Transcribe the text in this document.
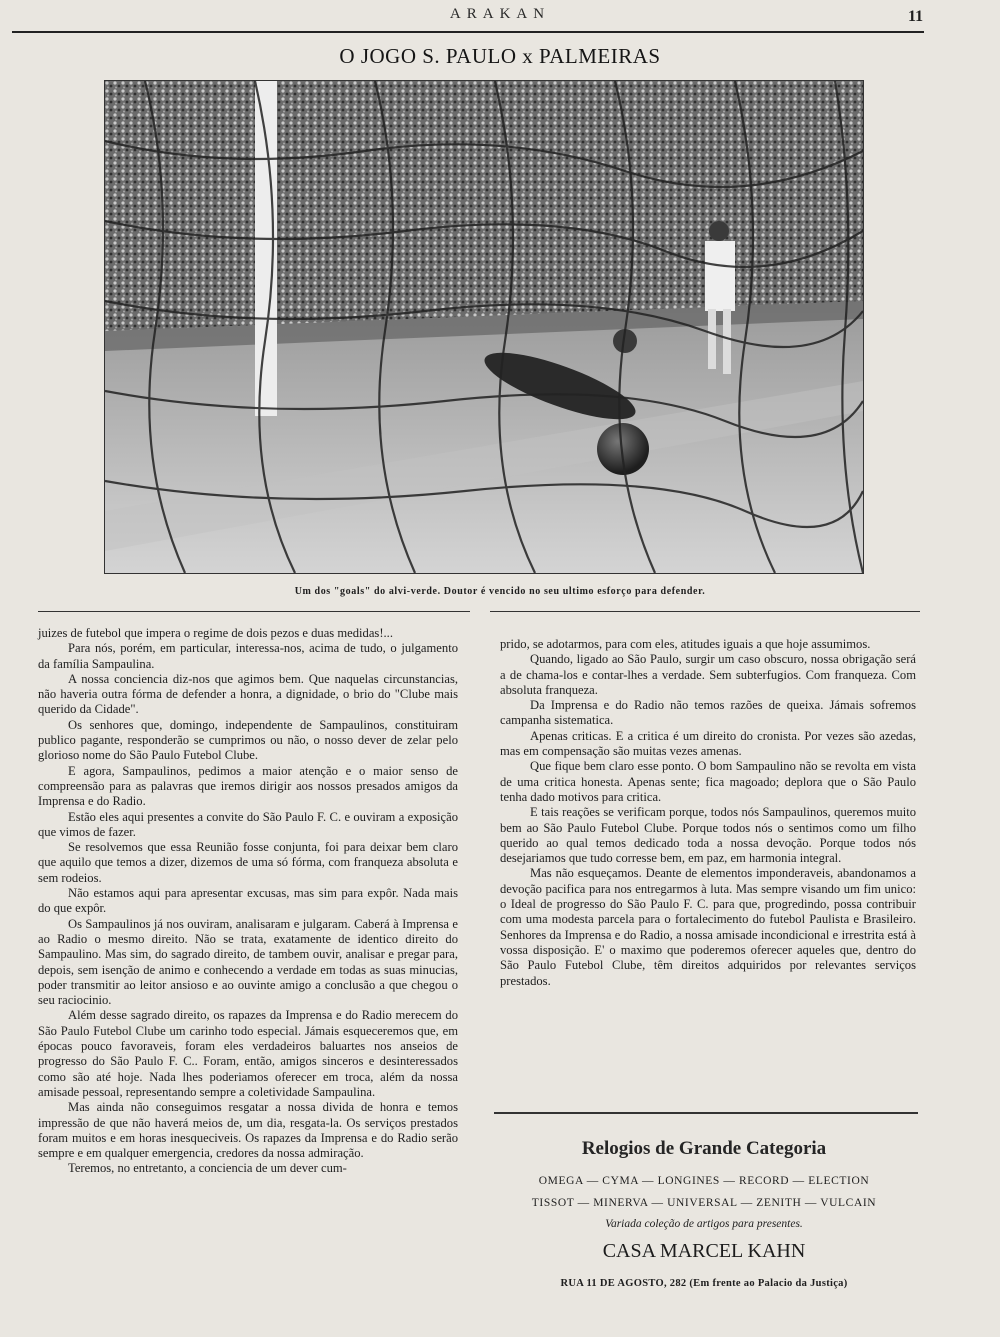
ARAKAN	11
O JOGO S. PAULO x PALMEIRAS
Um dos "goals" do alvi-verde. Doutor é vencido no seu ultimo esforço para defender.

juizes de futebol que impera o regime de dois pezos e duas medidas!...

Para nós, porém, em particular, interessa-nos, acima de tudo, o julgamento da família Sampaulina.

A nossa conciencia diz-nos que agimos bem. Que naquelas circunstancias, não haveria outra fórma de defender a honra, a dignidade, o brio do "Clube mais querido da Cidade".

Os senhores que, domingo, independente de Sampaulinos, constituiram publico pagante, responderão se cumprimos ou não, o nosso dever de zelar pelo glorioso nome do São Paulo Futebol Clube.

E agora, Sampaulinos, pedimos a maior atenção e o maior senso de compreensão para as palavras que iremos dirigir aos nossos presados amigos da Imprensa e do Radio.

Estão eles aqui presentes a convite do São Paulo F. C. e ouviram a exposição que vimos de fazer.

Se resolvemos que essa Reunião fosse conjunta, foi para deixar bem claro que aquilo que temos a dizer, dizemos de uma só fórma, com franqueza absoluta e sem rodeios.

Não estamos aqui para apresentar excusas, mas sim para expôr. Nada mais do que expôr.

Os Sampaulinos já nos ouviram, analisaram e julgaram. Caberá à Imprensa e ao Radio o mesmo direito. Não se trata, exatamente de identico direito do Sampaulino. Mas sim, do sagrado direito, de tambem ouvir, analisar e pregar para, depois, sem isenção de animo e conhecendo a verdade em todas as suas minucias, poder transmitir ao leitor ansioso e ao ouvinte amigo a conclusão a que chegou o seu raciocinio.

Além desse sagrado direito, os rapazes da Imprensa e do Radio merecem do São Paulo Futebol Clube um carinho todo especial. Jámais esqueceremos que, em épocas pouco favoraveis, foram eles verdadeiros baluartes nos anseios de progresso do São Paulo F. C.. Foram, então, amigos sinceros e desinteressados como são até hoje. Nada lhes poderiamos oferecer em troca, além da nossa amisade pessoal, representando sempre a coletividade Sampaulina.

Mas ainda não conseguimos resgatar a nossa divida de honra e temos impressão de que não haverá meios de, um dia, resgata-la. Os serviços prestados foram muitos e em horas inesqueciveis. Os rapazes da Imprensa e do Radio serão sempre e em qualquer emergencia, credores da nossa admiração.

Teremos, no entretanto, a conciencia de um dever cum-

prido, se adotarmos, para com eles, atitudes iguais a que hoje assumimos.

Quando, ligado ao São Paulo, surgir um caso obscuro, nossa obrigação será a de chama-los e contar-lhes a verdade. Sem subterfugios. Com franqueza. Com absoluta franqueza.

Da Imprensa e do Radio não temos razões de queixa. Jámais sofremos campanha sistematica.

Apenas criticas. E a critica é um direito do cronista. Por vezes são azedas, mas em compensação são muitas vezes amenas.

Que fique bem claro esse ponto. O bom Sampaulino não se revolta em vista de uma critica honesta. Apenas sente; fica magoado; deplora que o São Paulo tenha dado motivos para critica.

E tais reações se verificam porque, todos nós Sampaulinos, queremos muito bem ao São Paulo Futebol Clube. Porque todos nós o sentimos como um filho querido ao qual temos dedicado toda a nossa devoção. Porque todos nós desejariamos que tudo corresse bem, em paz, em harmonia integral.

Mas não esqueçamos. Deante de elementos imponderaveis, abandonamos a devoção pacifica para nos entregarmos à luta. Mas sempre visando um fim unico: o Ideal de progresso do São Paulo F. C. para que, progredindo, possa contribuir com uma modesta parcela para o fortalecimento do futebol Paulista e Brasileiro. Senhores da Imprensa e do Radio, a nossa amisade incondicional e irrestrita está à vossa disposição. E' o maximo que poderemos oferecer aqueles que, dentro do São Paulo Futebol Clube, têm direitos adquiridos por relevantes serviços prestados.

Relogios de Grande Categoria
OMEGA — CYMA — LONGINES — RECORD — ELECTION
TISSOT — MINERVA — UNIVERSAL — ZENITH — VULCAIN
Variada coleção de artigos para presentes.
CASA MARCEL KAHN
RUA 11 DE AGOSTO, 282 (Em frente ao Palacio da Justiça)
